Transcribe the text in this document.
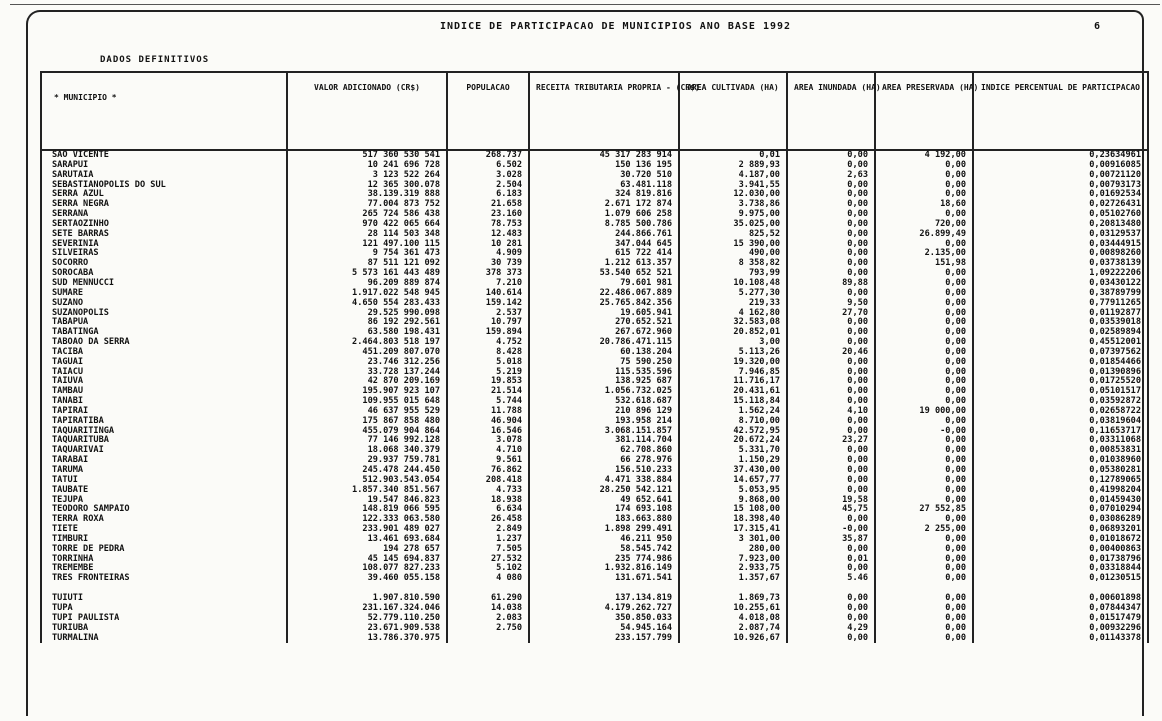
INDICE DE PARTICIPACAO DE MUNICIPIOS ANO BASE 1992	6
DADOS DEFINITIVOS
* MUNICIPIO *	VALOR ADICIONADO (CR$)	POPULACAO	RECEITA TRIBUTARIA PROPRIA - (CR$)	AREA CULTIVADA (HA)	AREA INUNDADA (HA)	AREA PRESERVADA (HA)	INDICE PERCENTUAL DE PARTICIPACAO
SAO VICENTE	517 360 530 541	268.737	45 317 283 914	0,01	0,00	4 192,00	0,23634961
SARAPUI	10 241 696 728	6.502	150 136 195	2 889,93	0,00	0,00	0,00916085
SARUTAIA	3 123 522 264	3.028	30.720 510	4.187,00	2,63	0,00	0,00721120
SEBASTIANOPOLIS DO SUL	12 365 300.078	2.504	63.481.118	3.941,55	0,00	0,00	0,00793173
SERRA AZUL	38.139.319 888	6.183	324 819.816	12.030,00	0,00	0,00	0,01692534
SERRA NEGRA	77.004 873 752	21.658	2.671 172 874	3.738,86	0,00	18,60	0,02726431
SERRANA	265 724 586 438	23.160	1.079 606 258	9.975,00	0,00	0,00	0,05102760
SERTAOZINHO	970 422 065 664	78.753	8.785 500.786	35.025,00	0,00	720,00	0,20813480
SETE BARRAS	28 114 503 348	12.483	244.866.761	825,52	0,00	26.899,49	0,03129537
SEVERINIA	121 497.100 115	10 281	347.044 645	15 390,00	0,00	0,00	0,03444915
SILVEIRAS	9 754 361 473	4.909	615 722 414	490,00	0,00	2.135,00	0,00898260
SOCORRO	87 511 121 092	30 739	1.212 613.357	8 358,82	0,00	151,98	0,03738139
SOROCABA	5 573 161 443 489	378 373	53.540 652 521	793,99	0,00	0,00	1,09222206
SUD MENNUCCI	96.209 889 874	7.210	79.601 981	10.108,48	89,88	0,00	0,03430122
SUMARE	1.917.022 548 945	140.614	22.486.067.889	5.277,30	0,00	0,00	0,38789799
SUZANO	4.650 554 283.433	159.142	25.765.842.356	219,33	9,50	0,00	0,77911265
SUZANOPOLIS	29.525 990.098	2.537	19.605.941	4 162,80	27,70	0,00	0,01192877
TABAPUA	86 192 292.561	10.797	270.652.521	32.583,08	0,00	0,00	0,03539018
TABATINGA	63.580 198.431	159.894	267.672.960	20.852,01	0,00	0,00	0,02589894
TABOAO DA SERRA	2.464.803 518 197	4.752	20.786.471.115	3,00	0,00	0,00	0,45512001
TACIBA	451.209 807.070	8.428	60.138.204	5.113,26	20,46	0,00	0,07397562
TAGUAI	23.746 312.256	5.018	75 590.250	19.320,00	0,00	0,00	0,01854466
TAIACU	33.728 137.244	5.219	115.535.596	7.946,85	0,00	0,00	0,01390896
TAIUVA	42 870 209.169	19.853	138.925 687	11.716,17	0,00	0,00	0,01725520
TAMBAU	195.907 923 107	21.514	1.056.732.025	20.431,61	0,00	0,00	0,05101517
TANABI	109.955 015 648	5.744	532.618.687	15.118,84	0,00	0,00	0,03592872
TAPIRAI	46 637 955 529	11.788	210 896 129	1.562,24	4,10	19 000,00	0,02658722
TAPIRATIBA	175 867 858 480	46.904	193.958 214	8.710,00	0,00	0,00	0,03819604
TAQUARITINGA	455.079 904 864	16.546	3.068.151.857	42.572,95	0,00	-0,00	0,11653717
TAQUARITUBA	77 146 992.128	3.078	381.114.704	20.672,24	23,27	0,00	0,03311068
TAQUARIVAI	18.068 340.379	4.710	62.708.860	5.331,70	0,00	0,00	0,00853831
TARABAI	29.937 759.781	9.561	66 278.976	1.150,29	0,00	0,00	0,01038960
TARUMA	245.478 244.450	76.862	156.510.233	37.430,00	0,00	0,00	0,05380281
TATUI	512.903.543.054	208.418	4.471 338.884	14.657,77	0,00	0,00	0,12789065
TAUBATE	1.857.340 851.567	4.733	28.250 542.121	5.053,95	0,00	0,00	0,41998204
TEJUPA	19.547 846.823	18.938	49 652.641	9.868,00	19,58	0,00	0,01459430
TEODORO SAMPAIO	148.819 066 595	6.634	174 693.108	15 108,00	45,75	27 552,85	0,07010294
TERRA ROXA	122.333 063.580	26.458	183.663.880	18.398,40	0,00	0,00	0,03086289
TIETE	233.901 489 027	2.849	1.898 299.491	17.315,41	-0,00	2 255,00	0,06893201
TIMBURI	13.461 693.684	1.237	46.211 950	3 301,00	35,87	0,00	0,01018672
TORRE DE PEDRA	194 278 657	7.505	58.545.742	280,00	0,00	0,00	0,00400863
TORRINHA	45 145 694.837	27.532	235 774.986	7.923,00	0,01	0,00	0,01738796
TREMEMBE	108.077 827.233	5.102	1.932.816.149	2.933,75	0,00	0,00	0,03318844
TRES FRONTEIRAS	39.460 055.158	4 080	131.671.541	1.357,67	5.46	0,00	0,01230515

TUIUTI	1.907.810.590	61.290	137.134.819	1.869,73	0,00	0,00	0,00601898
TUPA	231.167.324.046	14.038	4.179.262.727	10.255,61	0,00	0,00	0,07844347
TUPI PAULISTA	52.779.110.250	2.083	350.850.033	4.018,08	0,00	0,00	0,01517479
TURIUBA	23.671.909.538	2.750	54.945.164	2.087,74	4,29	0,00	0,00932296
TURMALINA	13.786.370.975		233.157.799	10.926,67	0,00	0,00	0,01143378
